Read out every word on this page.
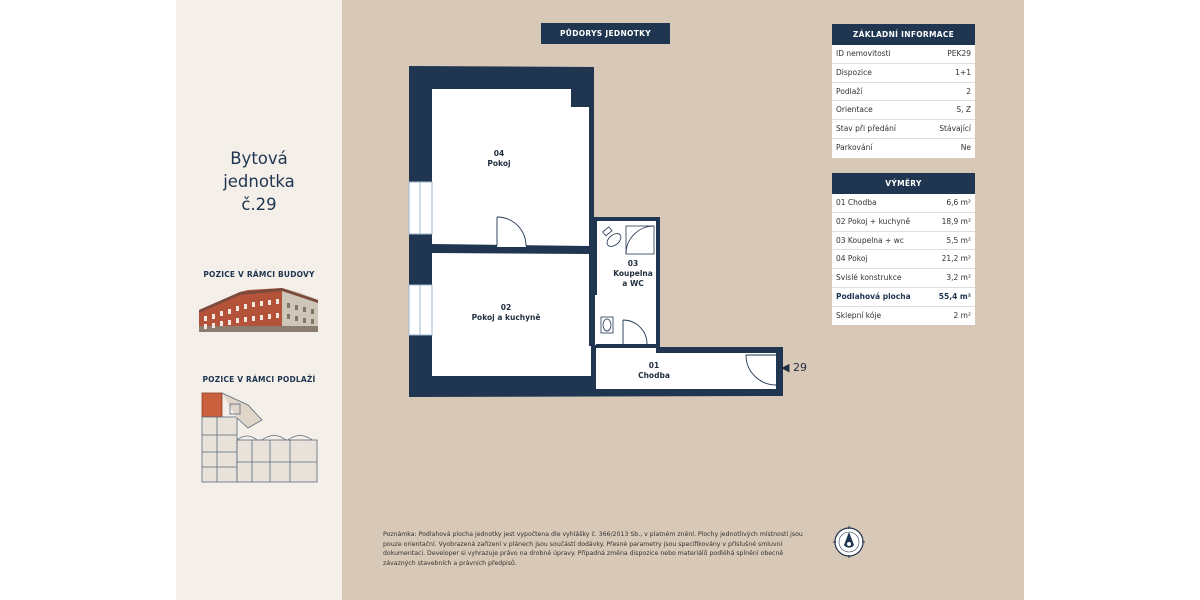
Bytová
jednotka
č.29
POZICE V RÁMCI BUDOVY
POZICE V RÁMCI PODLAŽÍ
PŮDORYS JEDNOTKY
04
Pokoj
02
Pokoj a kuchyně
03
Koupelna
a WC
01
Chodba
◀ 29
ZÁKLADNÍ INFORMACE
ID nemovitosti	PEK29
Dispozice	1+1
Podlaží	2
Orientace	S, Z
Stav při předání	Stávající
Parkování	Ne
VÝMĚRY
01 Chodba	6,6 m²
02 Pokoj + kuchyně	18,9 m²
03 Koupelna + wc	5,5 m²
04 Pokoj	21,2 m²
Svislé konstrukce	3,2 m²
Podlahová plocha	55,4 m²
Sklepní kóje	2 m²
Poznámka: Podlahová plocha jednotky jest vypočtena dle vyhlášky č. 366/2013 Sb., v platném znění. Plochy jednotlivých místností jsou
pouze orientační. Vyobrazená zařízení v plánech jsou součástí dodávky. Přesné parametry jsou specifikovány v příslušné smluvní
dokumentaci. Developer si vyhrazuje právo na drobné úpravy. Případná změna dispozice nebo materiálů podléhá splnění obecně
závazných stavebních a právních předpisů.
